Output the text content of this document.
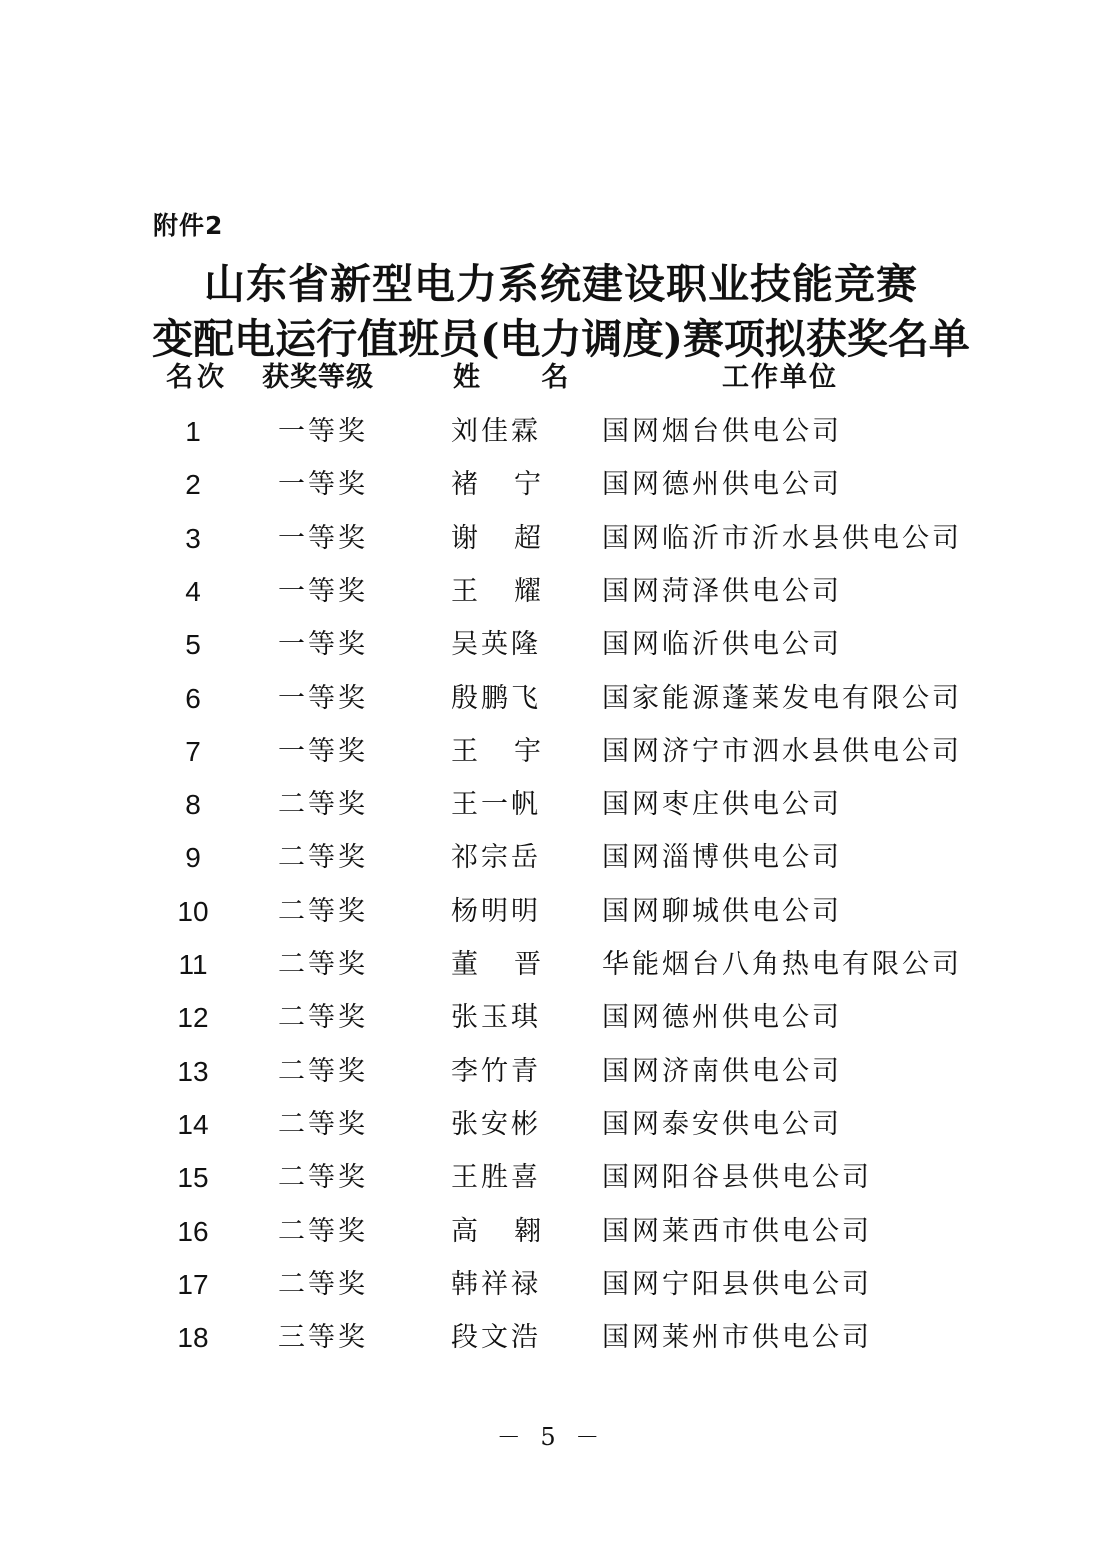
附件2
山东省新型电力系统建设职业技能竞赛
变配电运行值班员(电力调度)赛项拟获奖名单
名次 获奖等级	姓 名	工作单位
1	一等奖	刘佳霖 国网烟台供电公司
2	一等奖	褚宁 国网德州供电公司
3	一等奖	谢超 国网临沂市沂水县供电公司
4	一等奖	王耀 国网菏泽供电公司
5	一等奖	吴英隆 国网临沂供电公司
6	一等奖	殷鹏飞 国家能源蓬莱发电有限公司
7	一等奖	王宇 国网济宁市泗水县供电公司
8	二等奖	王一帆 国网枣庄供电公司
9	二等奖	祁宗岳 国网淄博供电公司
10	二等奖	杨明明 国网聊城供电公司
11	二等奖	董晋 华能烟台八角热电有限公司
12	二等奖	张玉琪 国网德州供电公司
13	二等奖	李竹青 国网济南供电公司
14	二等奖	张安彬 国网泰安供电公司
15	二等奖	王胜喜 国网阳谷县供电公司
16	二等奖	高翱 国网莱西市供电公司
17	二等奖	韩祥禄 国网宁阳县供电公司
18	三等奖	段文浩 国网莱州市供电公司
－ 5 －
